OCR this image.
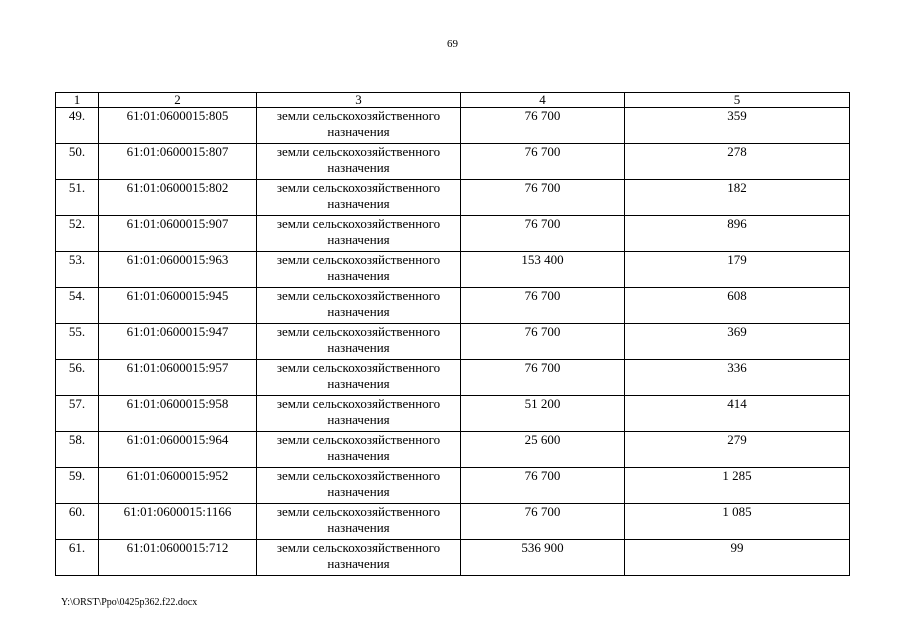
69
1	2	3	4	5
49.	61:01:0600015:805	земли сельскохозяйственного назначения	76 700	359
50.	61:01:0600015:807	земли сельскохозяйственного назначения	76 700	278
51.	61:01:0600015:802	земли сельскохозяйственного назначения	76 700	182
52.	61:01:0600015:907	земли сельскохозяйственного назначения	76 700	896
53.	61:01:0600015:963	земли сельскохозяйственного назначения	153 400	179
54.	61:01:0600015:945	земли сельскохозяйственного назначения	76 700	608
55.	61:01:0600015:947	земли сельскохозяйственного назначения	76 700	369
56.	61:01:0600015:957	земли сельскохозяйственного назначения	76 700	336
57.	61:01:0600015:958	земли сельскохозяйственного назначения	51 200	414
58.	61:01:0600015:964	земли сельскохозяйственного назначения	25 600	279
59.	61:01:0600015:952	земли сельскохозяйственного назначения	76 700	1 285
60.	61:01:0600015:1166	земли сельскохозяйственного назначения	76 700	1 085
61.	61:01:0600015:712	земли сельскохозяйственного назначения	536 900	99
Y:\ORST\Ppo\0425p362.f22.docx
